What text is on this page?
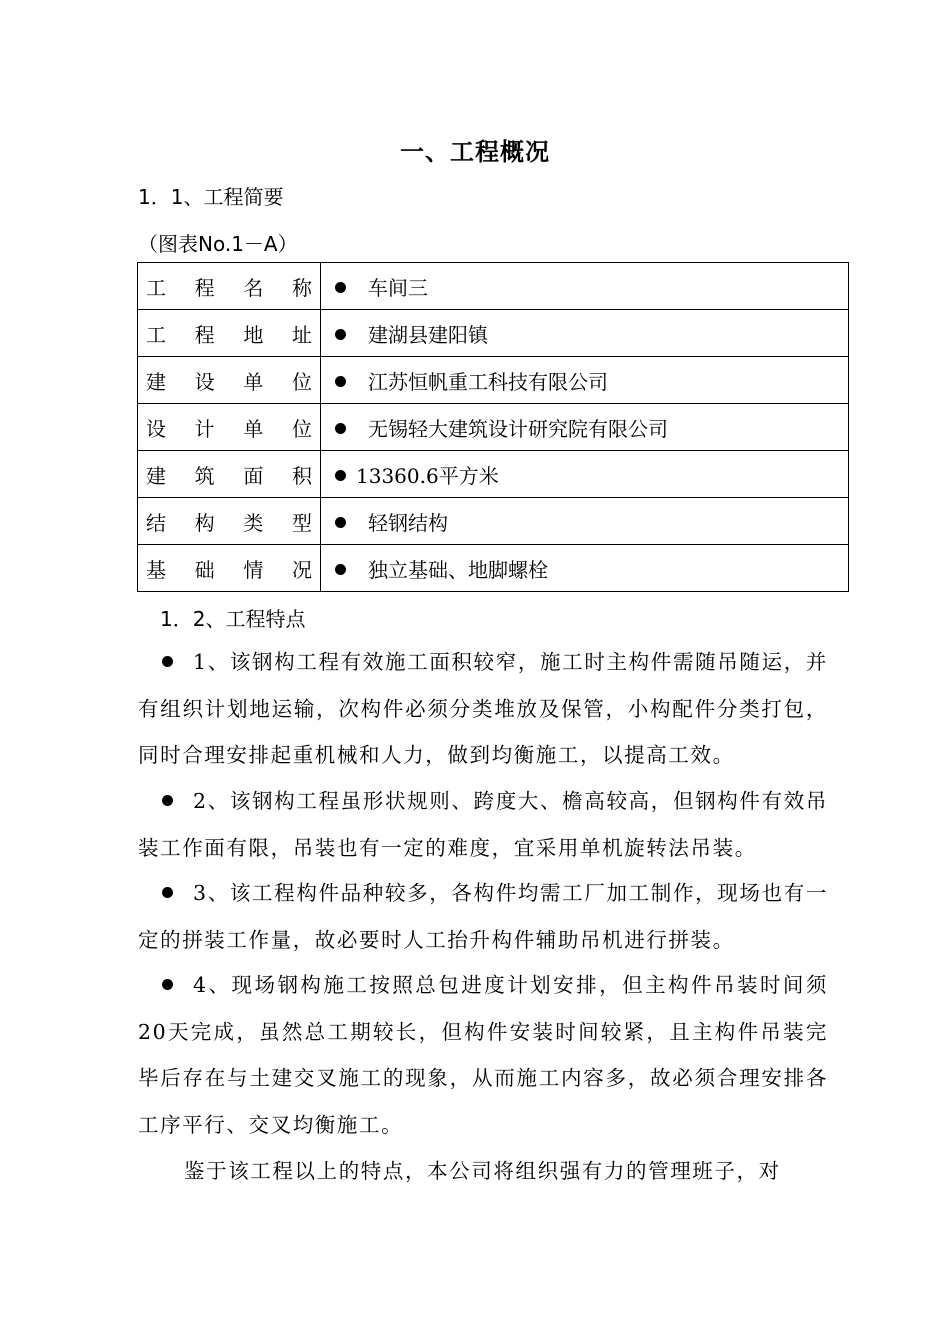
一、工程概况
1．1、工程简要
（图表No.1－A）
工 程 名 称	车间三

工 程 地 址	建湖县建阳镇

建 设 单 位	江苏恒帆重工科技有限公司

设 计 单 位	无锡轻大建筑设计研究院有限公司

建 筑 面 积	13360.6平方米

结 构 类 型	轻钢结构

基 础 情 况	独立基础、地脚螺栓
1．2、工程特点
1、该钢构工程有效施工面积较窄，施工时主构件需随吊随运，并有组织计划地运输，次构件必须分类堆放及保管，小构配件分类打包，同时合理安排起重机械和人力，做到均衡施工，以提高工效。
2、该钢构工程虽形状规则、跨度大、檐高较高，但钢构件有效吊装工作面有限，吊装也有一定的难度，宜采用单机旋转法吊装。
3、该工程构件品种较多，各构件均需工厂加工制作，现场也有一定的拼装工作量，故必要时人工抬升构件辅助吊机进行拼装。
4、现场钢构施工按照总包进度计划安排，但主构件吊装时间须20天完成，虽然总工期较长，但构件安装时间较紧，且主构件吊装完毕后存在与土建交叉施工的现象，从而施工内容多，故必须合理安排各工序平行、交叉均衡施工。
鉴于该工程以上的特点，本公司将组织强有力的管理班子，对
